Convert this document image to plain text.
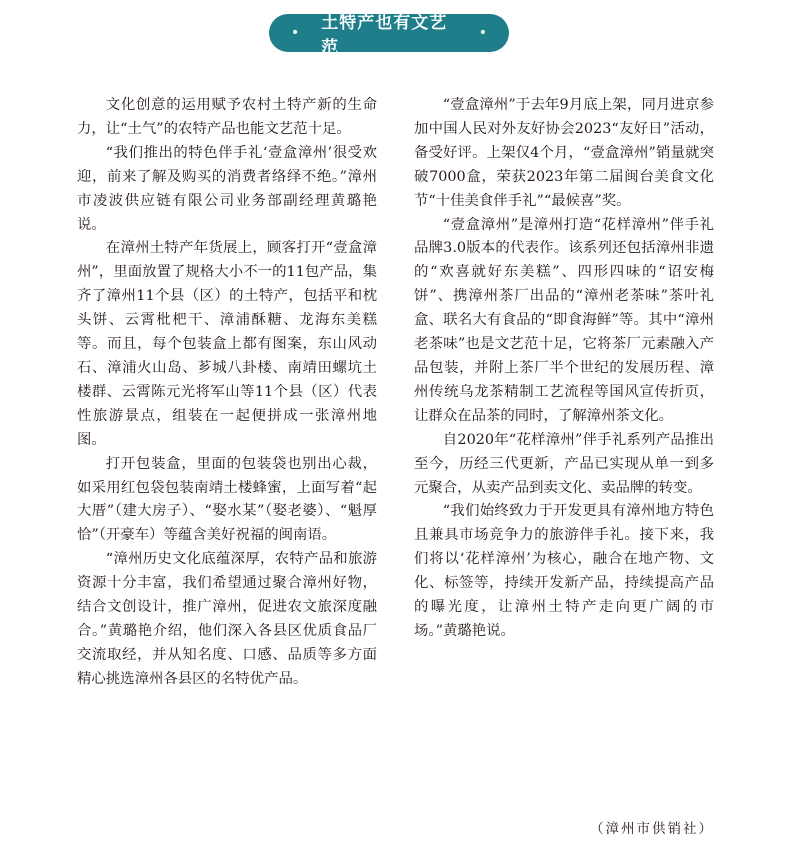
• 土特产也有文艺范
•

文化创意的运用赋予农村土特产新的生命力，让“土气”的农特产品也能文艺范十足。

“我们推出的特色伴手礼‘壹盒漳州’很受欢迎，前来了解及购买的消费者络绎不绝。”漳州市凌波供应链有限公司业务部副经理黄璐艳说。

在漳州土特产年货展上，顾客打开“壹盒漳州”，里面放置了规格大小不一的11包产品，集齐了漳州11个县（区）的土特产，包括平和枕头饼、云霄枇杷干、漳浦酥糖、龙海东美糕等。而且，每个包装盒上都有图案，东山风动石、漳浦火山岛、芗城八卦楼、南靖田螺坑土楼群、云霄陈元光将军山等11个县（区）代表性旅游景点，组装在一起便拼成一张漳州地图。

打开包装盒，里面的包装袋也别出心裁，如采用红包袋包装南靖土楼蜂蜜，上面写着“起大厝”（建大房子）、“娶水某”（娶老婆）、“魁厚恰”（开豪车）等蕴含美好祝福的闽南语。

“漳州历史文化底蕴深厚，农特产品和旅游资源十分丰富，我们希望通过聚合漳州好物，结合文创设计，推广漳州，促进农文旅深度融合。”黄璐艳介绍，他们深入各县区优质食品厂交流取经，并从知名度、口感、品质等多方面精心挑选漳州各县区的名特优产品。

“壹盒漳州”于去年9月底上架，同月进京参加中国人民对外友好协会2023“友好日”活动，备受好评。上架仅4个月，“壹盒漳州”销量就突破7000盒，荣获2023年第二届闽台美食文化节“十佳美食伴手礼”“最候喜”奖。

“壹盒漳州”是漳州打造“花样漳州”伴手礼品牌3.0版本的代表作。该系列还包括漳州非遗的“欢喜就好东美糕”、四形四味的“诏安梅饼”、携漳州茶厂出品的“漳州老茶味”茶叶礼盒、联名大有食品的“即食海鲜”等。其中“漳州老茶味”也是文艺范十足，它将茶厂元素融入产品包装，并附上茶厂半个世纪的发展历程、漳州传统乌龙茶精制工艺流程等国风宣传折页，让群众在品茶的同时，了解漳州茶文化。

自2020年“花样漳州”伴手礼系列产品推出至今，历经三代更新，产品已实现从单一到多元聚合，从卖产品到卖文化、卖品牌的转变。

“我们始终致力于开发更具有漳州地方特色且兼具市场竞争力的旅游伴手礼。接下来，我们将以‘花样漳州’为核心，融合在地产物、文化、标签等，持续开发新产品，持续提高产品的曝光度，让漳州土特产走向更广阔的市场。”黄璐艳说。

（漳州市供销社）
